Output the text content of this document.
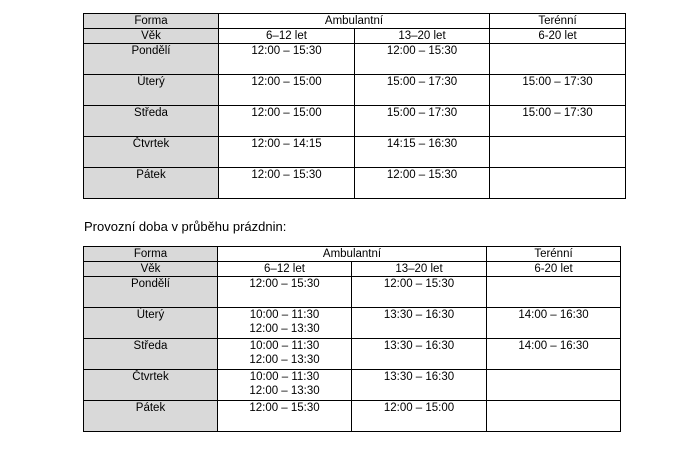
Forma	Ambulantní		Terénní
Věk	6–12 let	13–20 let	6-20 let
Pondělí	12:00 – 15:30	12:00 – 15:30	

Úterý	12:00 – 15:00	15:00 – 17:30	15:00 – 17:30

Středa	12:00 – 15:00	15:00 – 17:30	15:00 – 17:30

Čtvrtek	12:00 – 14:15	14:15 – 16:30	

Pátek	12:00 – 15:30	12:00 – 15:30	

Provozní doba v průběhu prázdnin:
Forma	Ambulantní		Terénní
Věk	6–12 let	13–20 let	6-20 let
Pondělí	12:00 – 15:30	12:00 – 15:30	

Úterý	10:00 – 11:30
12:00 – 13:30	13:30 – 16:30	14:00 – 16:30

Středa	10:00 – 11:30
12:00 – 13:30	13:30 – 16:30	14:00 – 16:30

Čtvrtek	10:00 – 11:30
12:00 – 13:30	13:30 – 16:30	

Pátek	12:00 – 15:30	12:00 – 15:00	
